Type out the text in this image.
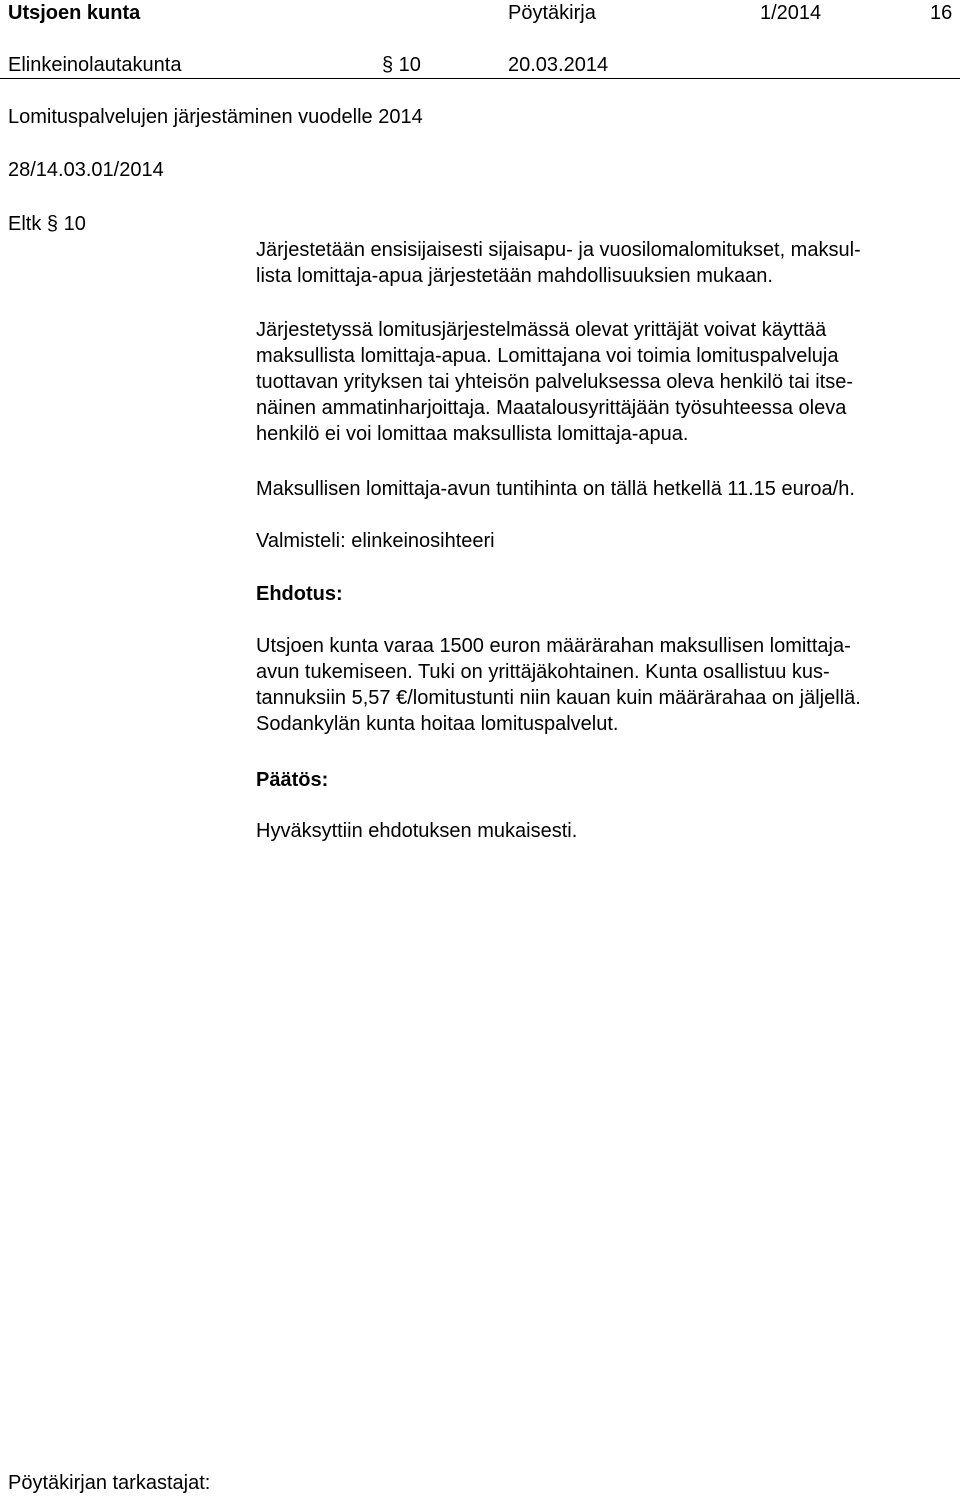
Utsjoen kunta	Pöytäkirja	1/2014	16
Elinkeinolautakunta	§ 10	20.03.2014
Lomituspalvelujen järjestäminen vuodelle 2014
28/14.03.01/2014
Eltk § 10

Järjestetään ensisijaisesti sijaisapu- ja vuosilomalomitukset, maksul-

lista lomittaja-apua järjestetään mahdollisuuksien mukaan.

Järjestetyssä lomitusjärjestelmässä olevat yrittäjät voivat käyttää

maksullista lomittaja-apua. Lomittajana voi toimia lomituspalveluja

tuottavan yrityksen tai yhteisön palveluksessa oleva henkilö tai itse-

näinen ammatinharjoittaja. Maatalousyrittäjään työsuhteessa oleva

henkilö ei voi lomittaa maksullista lomittaja-apua.

Maksullisen lomittaja-avun tuntihinta on tällä hetkellä 11.15 euroa/h.
Valmisteli: elinkeinosihteeri
Ehdotus:

Utsjoen kunta varaa 1500 euron määrärahan maksullisen lomittaja-

avun tukemiseen. Tuki on yrittäjäkohtainen. Kunta osallistuu kus-

tannuksiin 5,57 €/lomitustunti niin kauan kuin määrärahaa on jäljellä.

Sodankylän kunta hoitaa lomituspalvelut.

Päätös:
Hyväksyttiin ehdotuksen mukaisesti.
Pöytäkirjan tarkastajat:
